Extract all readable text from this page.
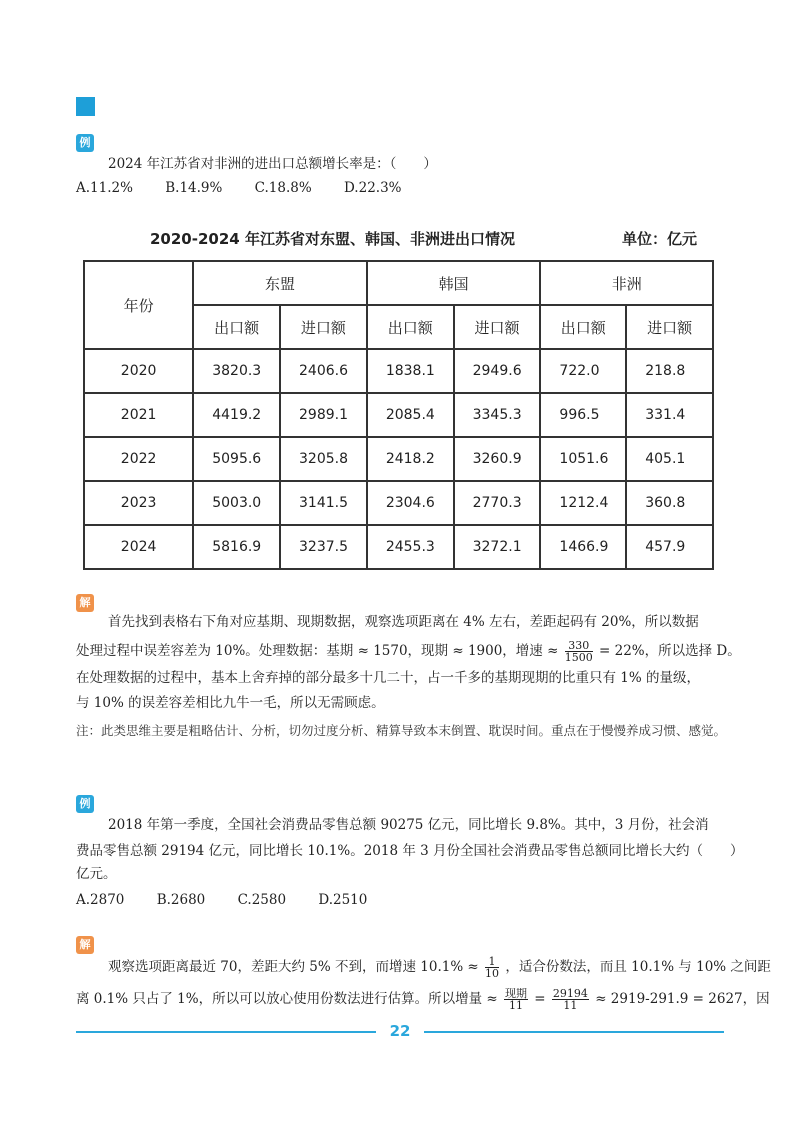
例
2024 年江苏省对非洲的进出口总额增长率是：（　　）
A.11.2% B.14.9% C.18.8% D.22.3%
2020-2024 年江苏省对东盟、韩国、非洲进出口情况	单位：亿元
年份	东盟		韩国		非洲	
	出口额	进口额	出口额	进口额	出口额	进口额
2020	3820.3	2406.6	1838.1	2949.6	722.0	218.8
2021	4419.2	2989.1	2085.4	3345.3	996.5	331.4
2022	5095.6	3205.8	2418.2	3260.9	1051.6	405.1
2023	5003.0	3141.5	2304.6	2770.3	1212.4	360.8
2024	5816.9	3237.5	2455.3	3272.1	1466.9	457.9
解
首先找到表格右下角对应基期、现期数据，观察选项距离在 4% 左右，差距起码有 20%，所以数据
处理过程中误差容差为 10%。处理数据：基期 ≈ 1570，现期 ≈ 1900，增速 ≈ $\frac{330}{1500} = 22\%$，所以选择 D。
在处理数据的过程中，基本上舍弃掉的部分最多十几二十，占一千多的基期现期的比重只有 1% 的量级，
与 10% 的误差容差相比九牛一毛，所以无需顾虑。
注：此类思维主要是粗略估计、分析，切勿过度分析、精算导致本末倒置、耽误时间。重点在于慢慢养成习惯、感觉。
例
2018 年第一季度，全国社会消费品零售总额 90275 亿元，同比增长 9.8%。其中，3 月份，社会消
费品零售总额 29194 亿元，同比增长 10.1%。2018 年 3 月份全国社会消费品零售总额同比增长大约（　　）
亿元。
A.2870 B.2680 C.2580 D.2510
解
观察选项距离最近 70，差距大约 5% 不到，而增速 $10.1\% \approx \frac{1}{10}$ ，适合份数法，而且 10.1% 与 10% 之间距
离 0.1% 只占了 1%，所以可以放心使用份数法进行估算。所以增量 ≈ $\frac{\text{现期}}{11} = \frac{29194}{11} \approx 2919-291.9 = 2627$，因
22
